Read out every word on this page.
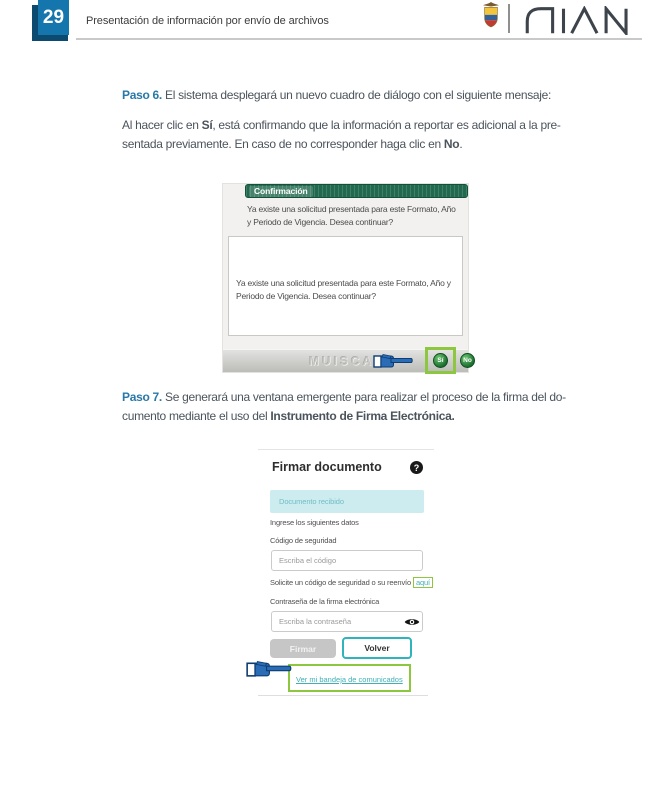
29 Presentación de información por envío de archivos
Paso 6. El sistema desplegará un nuevo cuadro de diálogo con el siguiente mensaje:
Al hacer clic en Sí, está confirmando que la información a reportar es adicional a la pre-
sentada previamente. En caso de no corresponder haga clic en No.
Confirmación
Ya existe una solicitud presentada para este Formato, Año
y Periodo de Vigencia. Desea continuar?
Ya existe una solicitud presentada para este Formato, Año y
Periodo de Vigencia. Desea continuar?
MUISCA	Sí	No
Paso 7. Se generará una ventana emergente para realizar el proceso de la firma del do-
cumento mediante el uso del Instrumento de Firma Electrónica.
Firmar documento	?
Documento recibido
Ingrese los siguientes datos
Código de seguridad
Escriba el código
Solicite un código de seguridad o su reenvío aquí
Contraseña de la firma electrónica
Escriba la contraseña
Firmar	Volver
Ver mi bandeja de comunicados
